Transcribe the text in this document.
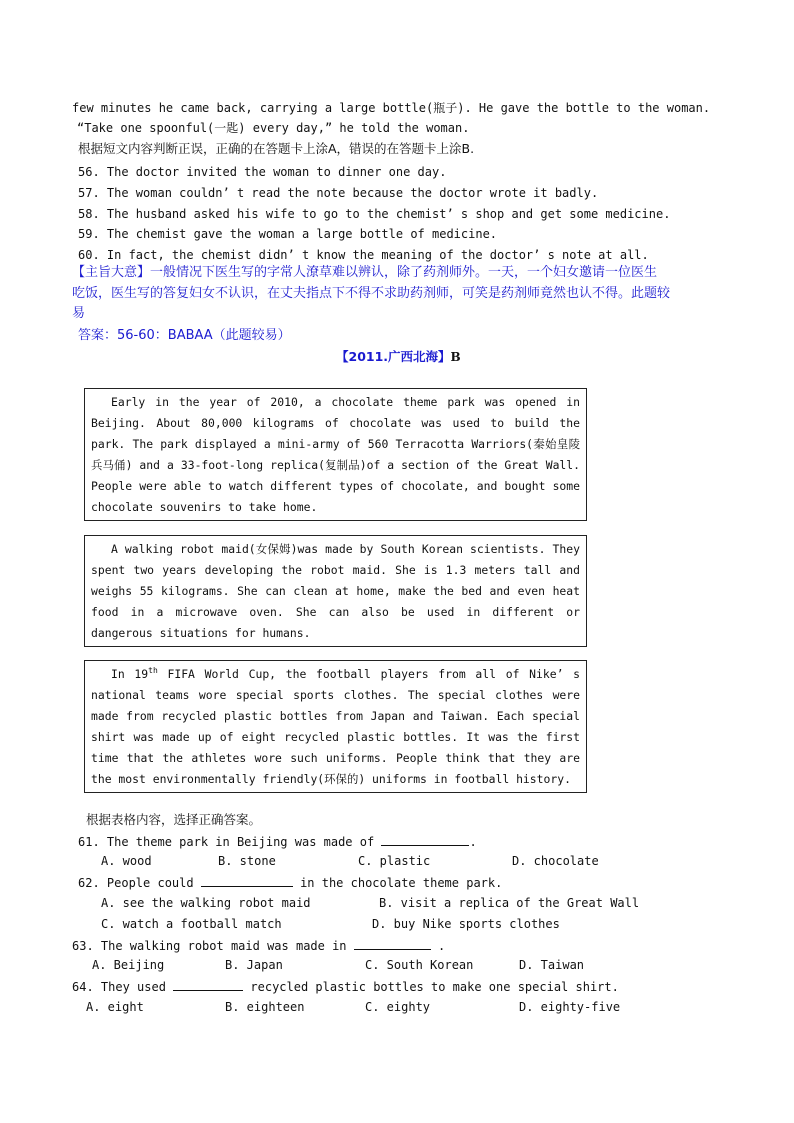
few minutes he came back, carrying a large bottle(瓶子). He gave the bottle to the woman.
“Take one spoonful(一匙) every day,” he told the woman.
根据短文内容判断正误，正确的在答题卡上涂A，错误的在答题卡上涂B.
56. The doctor invited the woman to dinner one day.
57. The woman couldn’ t read the note because the doctor wrote it badly.
58. The husband asked his wife to go to the chemist’ s shop and get some medicine.
59. The chemist gave the woman a large bottle of medicine.
60. In fact, the chemist didn’ t know the meaning of the doctor’ s note at all.
【主旨大意】一般情况下医生写的字常人潦草难以辨认，除了药剂师外。一天，一个妇女邀请一位医生
吃饭，医生写的答复妇女不认识，在丈夫指点下不得不求助药剂师，可笑是药剂师竟然也认不得。此题较
易
答案：56-60：BABAA（此题较易）
【2011.广西北海】B

Early in the year of 2010, a chocolate theme park was opened in Beijing. About 80,000 kilograms of chocolate was used to build the park. The park displayed a mini-army of 560 Terracotta Warriors(秦始皇陵兵马俑) and a 33-foot-long replica(复制品)of a section of the Great Wall. People were able to watch different types of chocolate, and bought some chocolate souvenirs to take home.

A walking robot maid(女保姆)was made by South Korean scientists. They spent two years developing the robot maid. She is 1.3 meters tall and weighs 55 kilograms. She can clean at home, make the bed and even heat food in a microwave oven. She can also be used in different or dangerous situations for humans.

In 19th FIFA World Cup, the football players from all of Nike’ s national teams wore special sports clothes. The special clothes were made from recycled plastic bottles from Japan and Taiwan. Each special shirt was made up of eight recycled plastic bottles. It was the first time that the athletes wore such uniforms. People think that they are the most environmentally friendly(环保的) uniforms in football history.

根据表格内容，选择正确答案。
61. The theme park in Beijing was made of	.
A. wood	B. stone	C. plastic	D. chocolate
62. People could	in the chocolate theme park.
A. see the walking robot maid	B. visit a replica of the Great Wall
C. watch a football match	D. buy Nike sports clothes
63. The walking robot maid was made in	.
A. Beijing	B. Japan	C. South Korean	D. Taiwan
64. They used	recycled plastic bottles to make one special shirt.
A. eight	B. eighteen	C. eighty	D. eighty-five
